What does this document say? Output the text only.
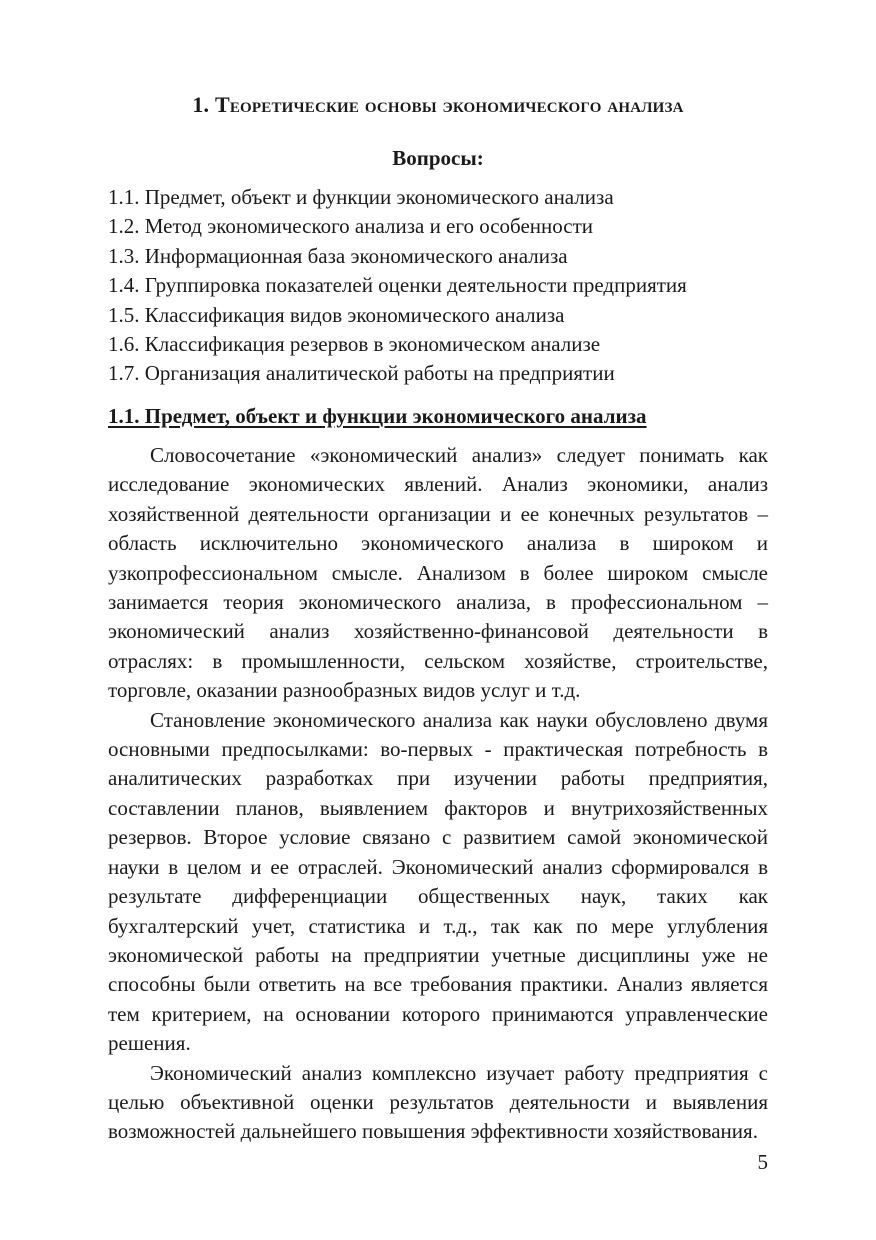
1. Теоретические основы экономического анализа
Вопросы:
1.1. Предмет, объект и функции экономического анализа
1.2. Метод экономического анализа и его особенности
1.3. Информационная база экономического анализа
1.4. Группировка показателей оценки деятельности предприятия
1.5. Классификация видов экономического анализа
1.6. Классификация резервов в экономическом анализе
1.7. Организация аналитической работы на предприятии
1.1. Предмет, объект и функции экономического анализа

Словосочетание «экономический анализ» следует понимать как исследование экономических явлений. Анализ экономики, анализ хозяйственной деятельности организации и ее конечных результатов – область исключительно экономического анализа в широком и узкопрофессиональном смысле. Анализом в более широком смысле занимается теория экономического анализа, в профессиональном – экономический анализ хозяйственно-финансовой деятельности в отраслях: в промышленности, сельском хозяйстве, строительстве, торговле, оказании разнообразных видов услуг и т.д.

Становление экономического анализа как науки обусловлено двумя основными предпосылками: во-первых - практическая потребность в аналитических разработках при изучении работы предприятия, составлении планов, выявлением факторов и внутрихозяйственных резервов. Второе условие связано с развитием самой экономической науки в целом и ее отраслей. Экономический анализ сформировался в результате дифференциации общественных наук, таких как бухгалтерский учет, статистика и т.д., так как по мере углубления экономической работы на предприятии учетные дисциплины уже не способны были ответить на все требования практики. Анализ является тем критерием, на основании которого принимаются управленческие решения.

Экономический анализ комплексно изучает работу предприятия с целью объективной оценки результатов деятельности и выявления возможностей дальнейшего повышения эффективности хозяйствования.

5
